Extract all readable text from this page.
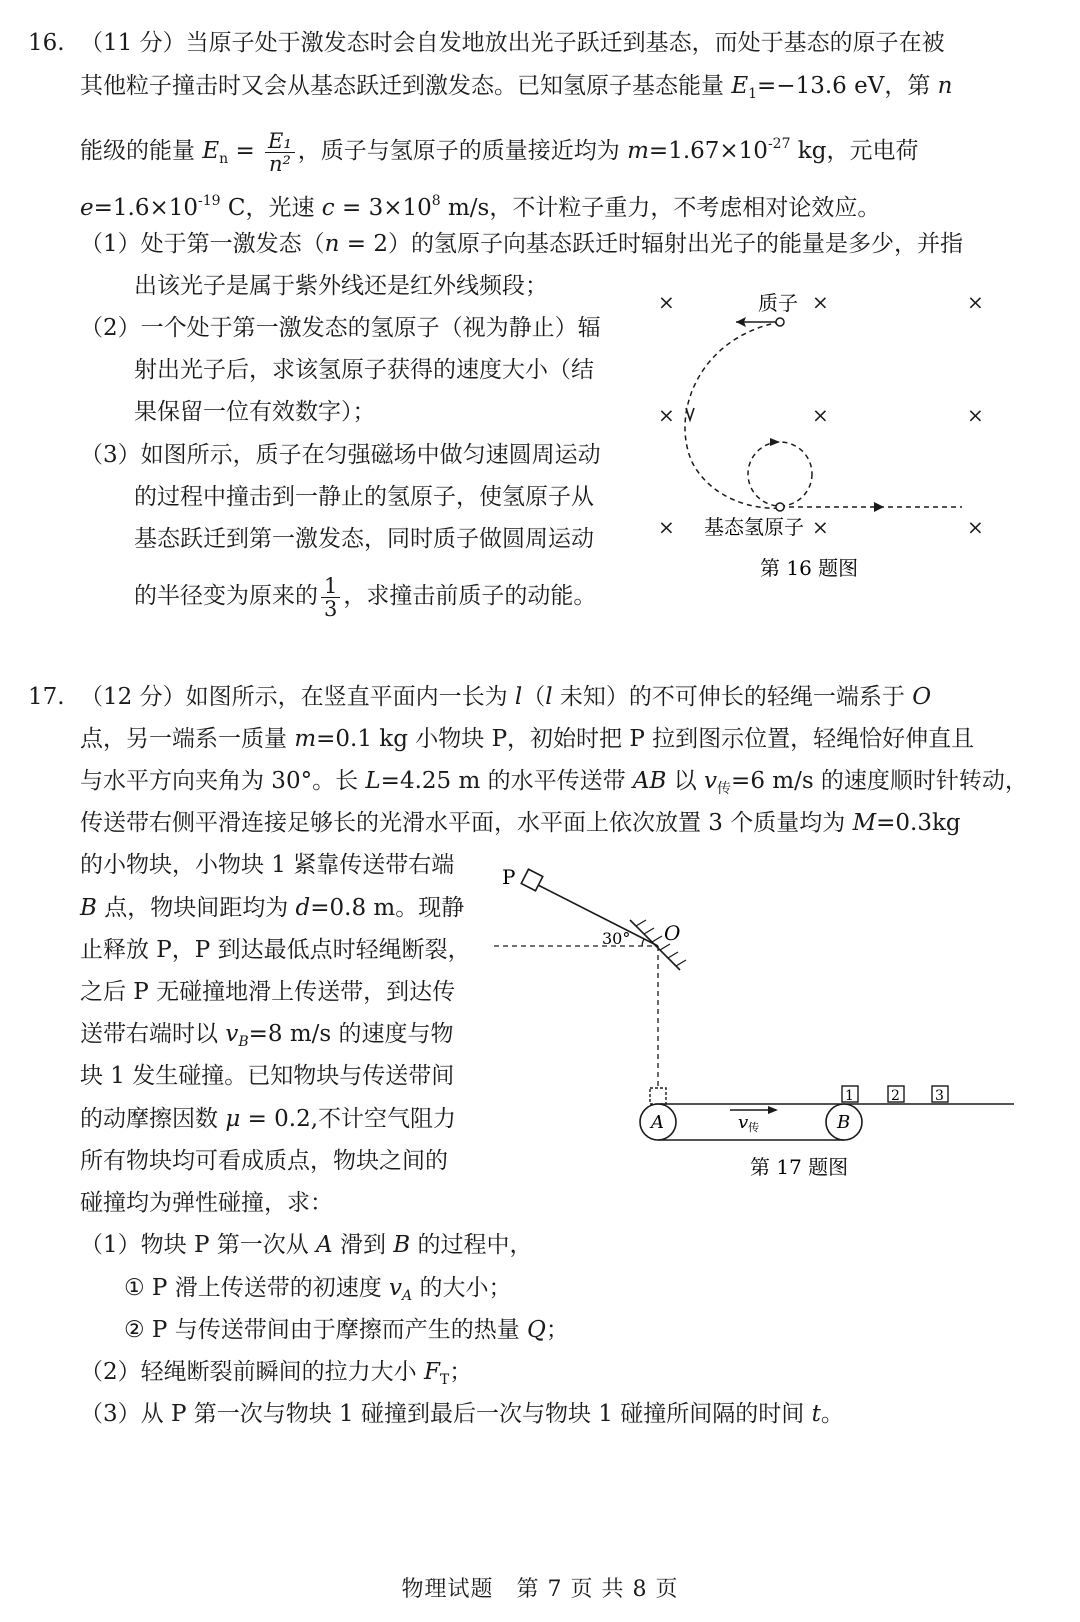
16. （11 分）当原子处于激发态时会自发地放出光子跃迁到基态，而处于基态的原子在被
其他粒子撞击时又会从基态跃迁到激发态。已知氢原子基态能量 $E_1=-13.6$ eV，第 n
能级的能量 $E_n = \frac{\text{E₁}}{\text{n²}}$ ，质子与氢原子的质量接近均为 $m=1.67\times 10^{-27}$ kg，元电荷
$e=1.6\times 10^{-19}$ C，光速 $c = 3\times 10^8$ m/s，不计粒子重力，不考虑相对论效应。
（1）处于第一激发态（n = 2）的氢原子向基态跃迁时辐射出光子的能量是多少，并指
出该光子是属于紫外线还是红外线频段；
（2）一个处于第一激发态的氢原子（视为静止）辐
射出光子后，求该氢原子获得的速度大小（结
果保留一位有效数字）；
（3）如图所示，质子在匀强磁场中做匀速圆周运动
的过程中撞击到一静止的氢原子，使氢原子从
基态跃迁到第一激发态，同时质子做圆周运动
的半径变为原来的 $\frac{1}{3}$ ，求撞击前质子的动能。
×	×	×
×	×	×
×	×	×
质子
基态氢原子
第 16 题图
17. （12 分）如图所示，在竖直平面内一长为 l（l 未知）的不可伸长的轻绳一端系于 O
点，另一端系一质量 m=0.1 kg 小物块 P，初始时把 P 拉到图示位置，轻绳恰好伸直且
与水平方向夹角为 30°。长 L=4.25 m 的水平传送带 AB 以 $v_传=6$ m/s 的速度顺时针转动，
传送带右侧平滑连接足够长的光滑水平面，水平面上依次放置 3 个质量均为 M=0.3kg
的小物块，小物块 1 紧靠传送带右端
B 点，物块间距均为 d=0.8 m。现静
止释放 P，P 到达最低点时轻绳断裂，
之后 P 无碰撞地滑上传送带，到达传
送带右端时以 $v_B=8$ m/s 的速度与物
块 1 发生碰撞。已知物块与传送带间
的动摩擦因数 μ = 0.2,不计空气阻力
所有物块均可看成质点，物块之间的
碰撞均为弹性碰撞，求：
（1）物块 P 第一次从 A 滑到 B 的过程中，
① P 滑上传送带的初速度 $v_A$ 的大小；
② P 与传送带间由于摩擦而产生的热量 Q；
（2）轻绳断裂前瞬间的拉力大小 $F_T$；
（3）从 P 第一次与物块 1 碰撞到最后一次与物块 1 碰撞所间隔的时间 t。
P
O
30°
A	B
v传
1	2	3
第 17 题图
物理试题　第 7 页 共 8 页
